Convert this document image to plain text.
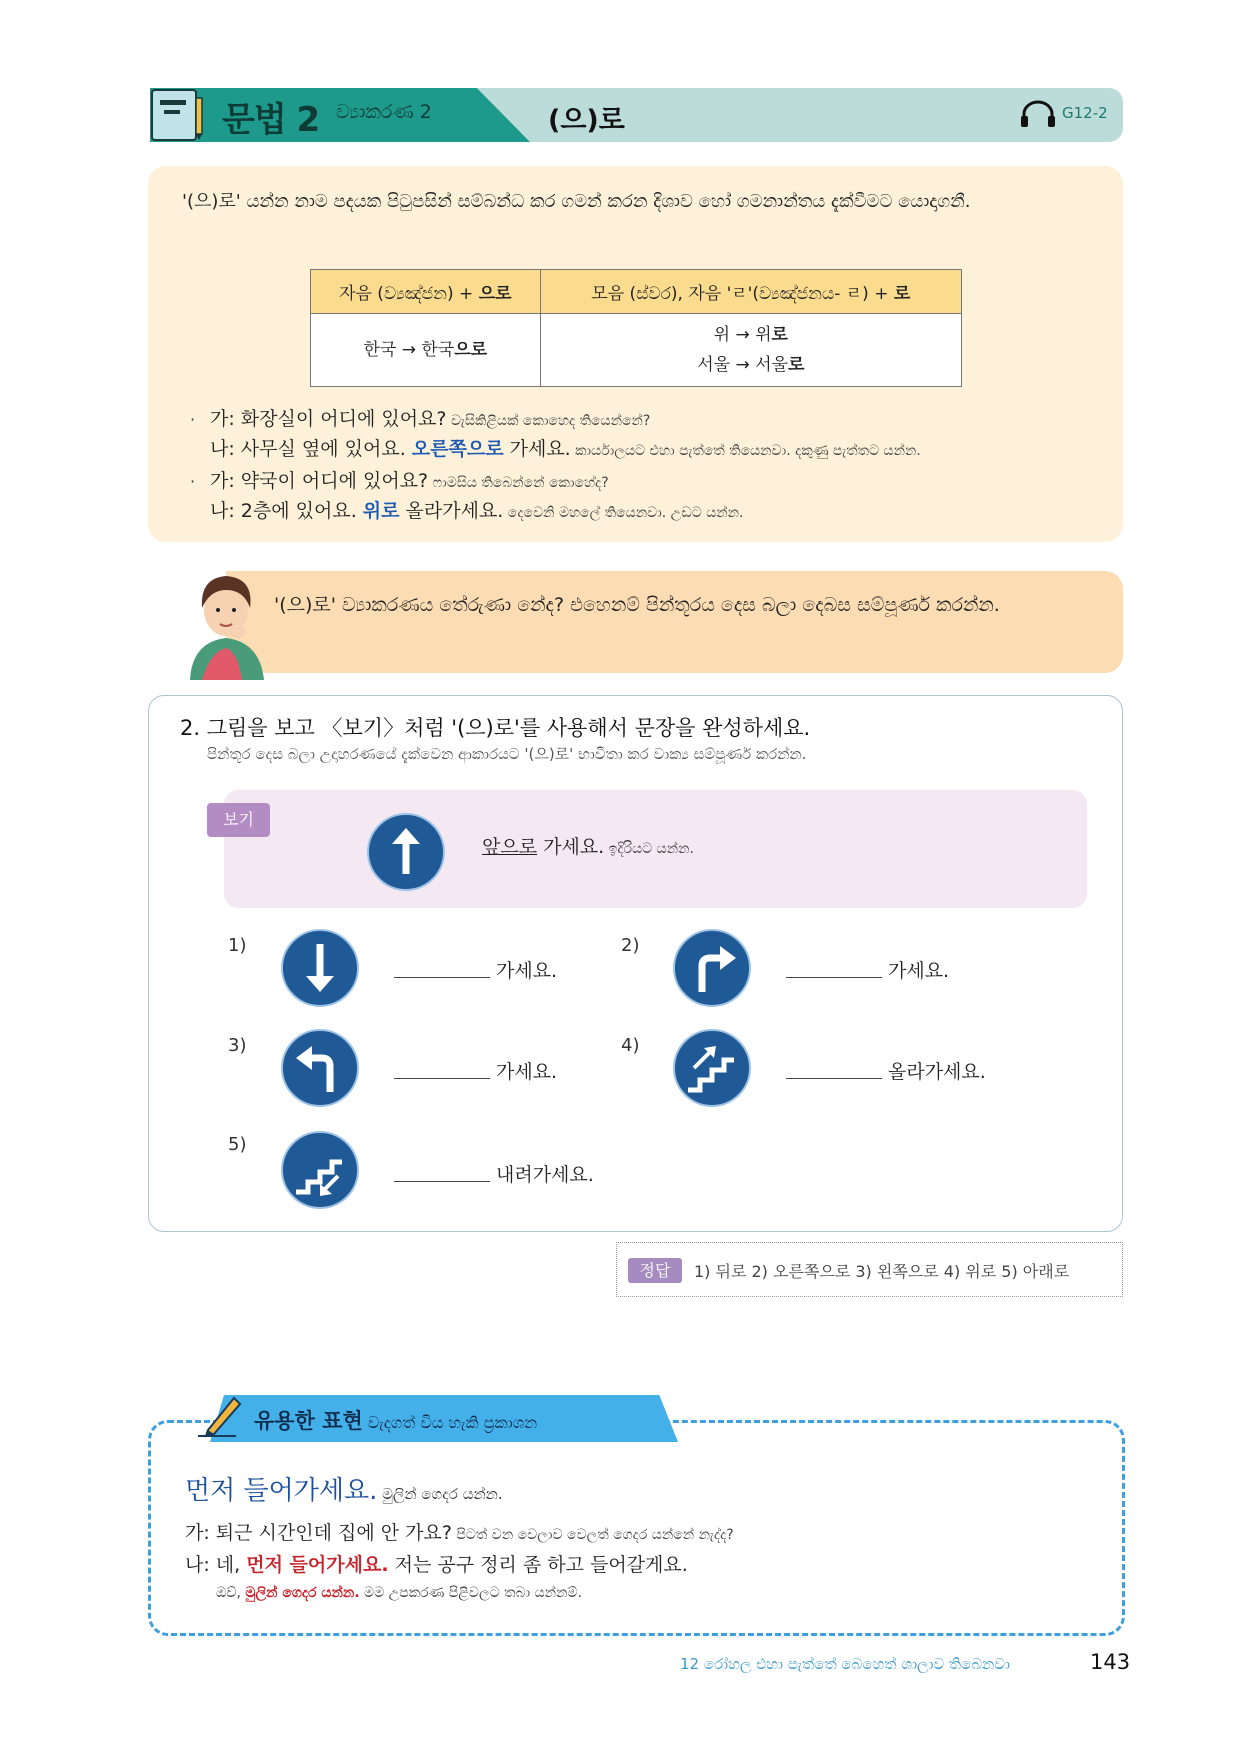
문법 2 ව්‍යාකරණ 2	(으)로	G12-2
'(으)로' යන්න නාම පදයක පිටුපසින් සම්බන්ධ කර ගමන් කරන දිශාව හෝ ගමනාන්තය දැක්වීමට යොදාගනී.
자음 (ව්‍යඤ්ජන) + 으로	모음 (ස්වර), 자음 'ㄹ'(ව්‍යඤ්ජනය- ㄹ) + 로
한국 → 한국으로	위 → 위로
서울 → 서울로
· 가: 화장실이 어디에 있어요? වැසිකිළියක් කොහෙද තියෙන්නේ?
나: 사무실 옆에 있어요. 오른쪽으로 가세요. කාර්යාලයට එහා පැත්තේ තියෙනවා. දකුණු පැත්තට යන්න.
· 가: 약국이 어디에 있어요? ෆාමසිය තිබෙන්නේ කොහේද?
나: 2층에 있어요. 위로 올라가세요. දෙවෙනි මහලේ තියෙනවා. උඩට යන්න.
'(으)로' ව්‍යාකරණය තේරුණා නේද? එහෙනම් පින්තූරය දෙස බලා දෙබස සම්පූර්ණ කරන්න.
2. 그림을 보고 〈보기〉처럼 '(으)로'를 사용해서 문장을 완성하세요.
පින්තූර දෙස බලා උදාහරණයේ දැක්වෙන ආකාරයට '(으)로' භාවිතා කර වාක්‍ය සම්පූර්ණ කරන්න.
보기
앞으로 가세요. ඉදිරියට යන්න.
1)
가세요.
2)
가세요.
3)
가세요.
4)
올라가세요.
5)
내려가세요.
정답	1) 뒤로 2) 오른쪽으로 3) 왼쪽으로 4) 위로 5) 아래로
유용한 표현 වැදගත් විය හැකි ප්‍රකාශන
먼저 들어가세요. මුලින් ගෙදර යන්න.
가: 퇴근 시간인데 집에 안 가요? පිටත් වන වෙලාව වෙලත් ගෙදර යන්නේ නැද්ද?
나: 네, 먼저 들어가세요. 저는 공구 정리 좀 하고 들어갈게요.
ඔව්, මුලින් ගෙදර යන්න. මම උපකරණ පිළිවලට තබා යන්නම්.
12 රෝහල එහා පැත්තේ බෙහෙත් ශාලාව තිබෙනවා	143
